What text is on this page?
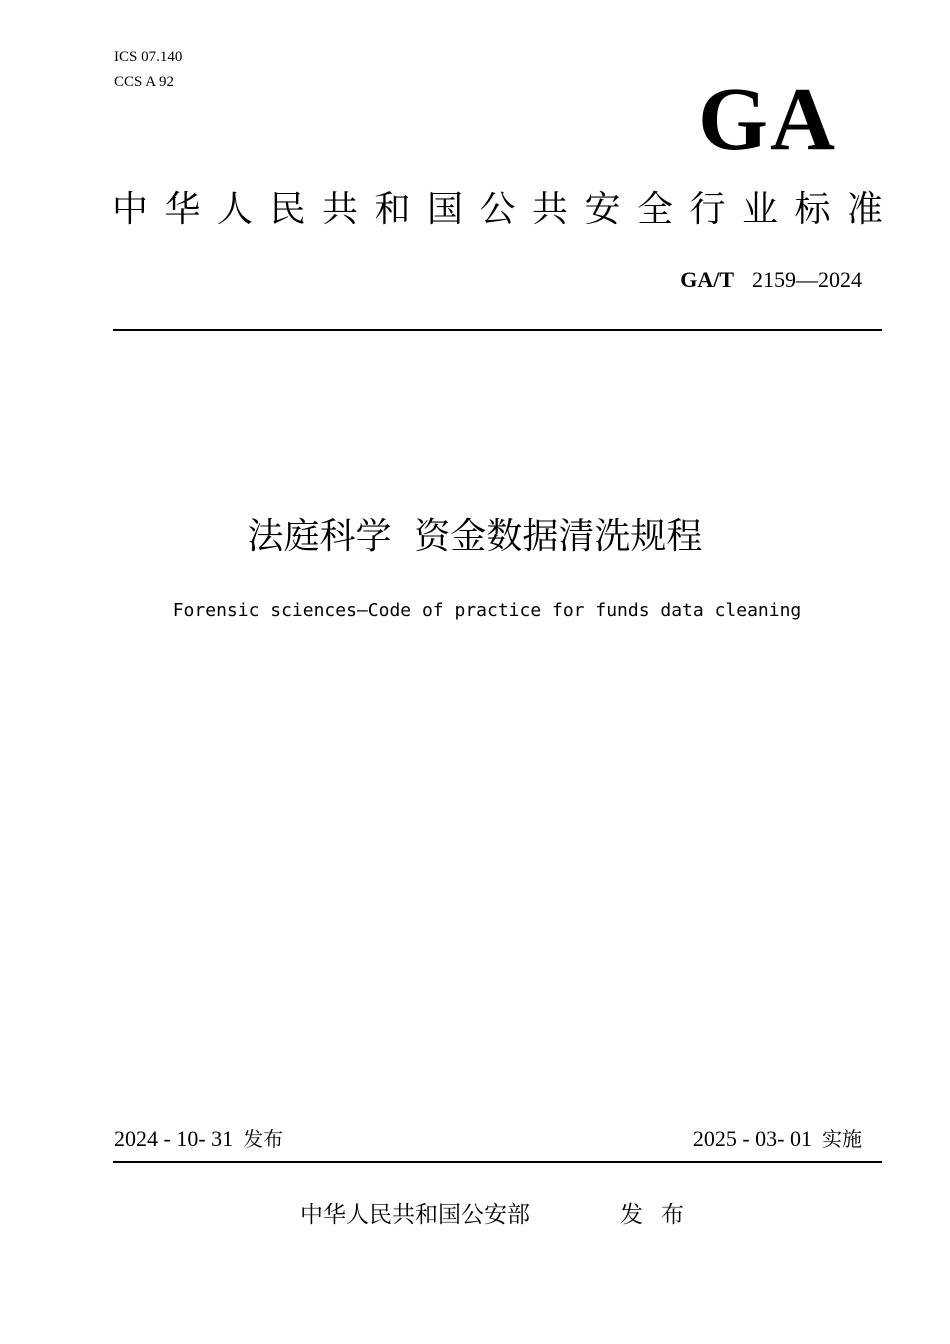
ICS 07.140
CCS A 92	GA
中华人民共和国公共安全行业标准
GA/T 2159—2024
法庭科学  资金数据清洗规程
Forensic sciences—Code of practice for funds data cleaning
2024 - 10- 31 发布	2025 - 03- 01 实施
中华人民共和国公安部	发布
